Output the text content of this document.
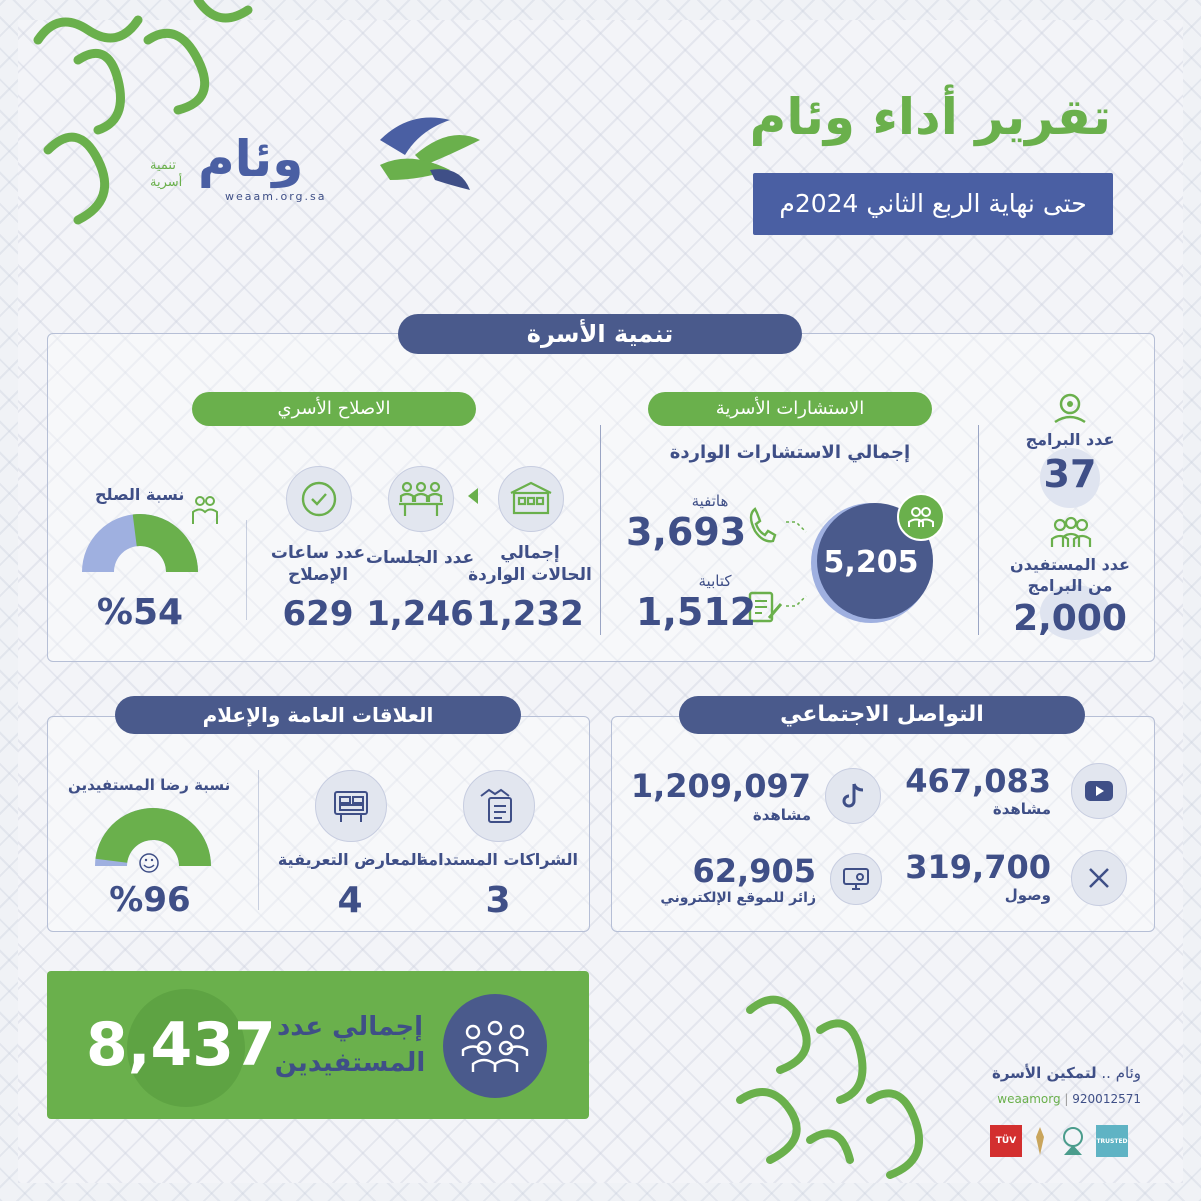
تقرير أداء وئام
حتى نهاية الربع الثاني 2024م
وئام
weaam.org.sa
تنمية
أسرية
تنمية الأسرة
عدد البرامج
37
عدد المستفيدن
من البرامج
2,000
الاستشارات الأسرية
إجمالي الاستشارات الواردة
5,205
هاتفية
3,693
كتابية
1,512
الاصلاح الأسري
إجمالي
الحالات الواردة
1,232
عدد الجلسات
1,246
عدد ساعات
الإصلاح
629
نسبة الصلح
%54
التواصل الاجتماعي
467,083
مشاهدة
1,209,097
مشاهدة
319,700
وصول
62,905
زائر للموقع الإلكتروني
العلاقات العامة والإعلام
الشراكات المستدامة
3
المعارض التعريفية
4
نسبة رضا المستفيدين
%96
إجمالي عدد
المستفيدين
8,437	وئام .. لتمكين الأسرة
weaamorg | 920012571
TÜV	TRUSTED
